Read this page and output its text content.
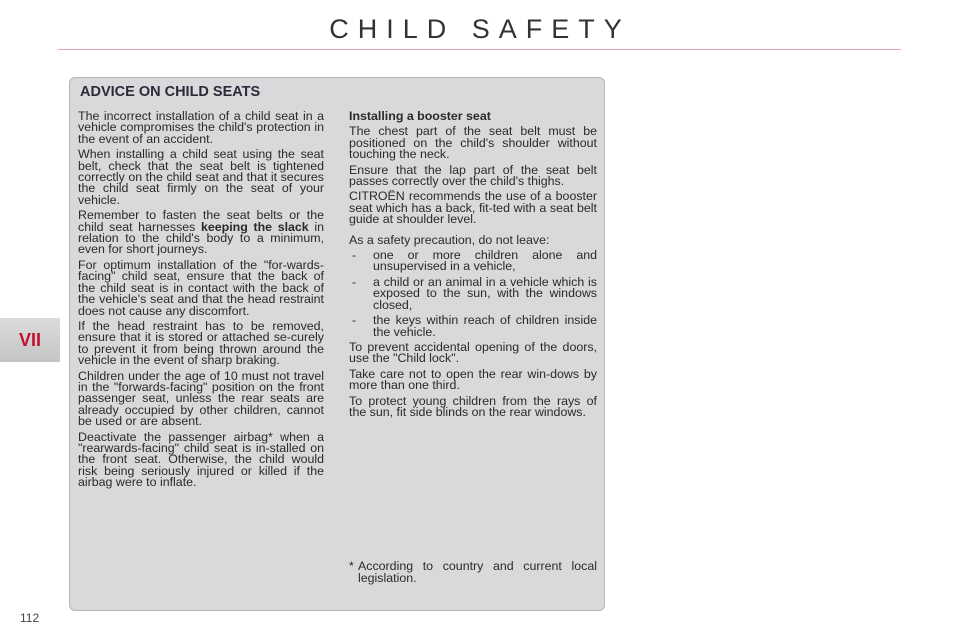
CHILD SAFETY
VII
ADVICE ON CHILD SEATS

The incorrect installation of a child seat in a vehicle compromises the child's protection in the event of an accident.

When installing a child seat using the seat belt, check that the seat belt is tightened correctly on the child seat and that it secures the child seat firmly on the seat of your vehicle.

Remember to fasten the seat belts or the child seat harnesses keeping the slack in relation to the child's body to a minimum, even for short journeys.

For optimum installation of the "for-wards-facing" child seat, ensure that the back of the child seat is in contact with the back of the vehicle's seat and that the head restraint does not cause any discomfort.

If the head restraint has to be removed, ensure that it is stored or attached se-curely to prevent it from being thrown around the vehicle in the event of sharp braking.

Children under the age of 10 must not travel in the "forwards-facing" position on the front passenger seat, unless the rear seats are already occupied by other children, cannot be used or are absent.

Deactivate the passenger airbag* when a "rearwards-facing" child seat is in-stalled on the front seat. Otherwise, the child would risk being seriously injured or killed if the airbag were to inflate.

Installing a booster seat

The chest part of the seat belt must be positioned on the child's shoulder without touching the neck.

Ensure that the lap part of the seat belt passes correctly over the child's thighs.

CITROËN recommends the use of a booster seat which has a back, fit-ted with a seat belt guide at shoulder level.

As a safety precaution, do not leave:

- one or more children alone and unsupervised in a vehicle,
- a child or an animal in a vehicle which is exposed to the sun, with the windows closed,
- the keys within reach of children inside the vehicle.

To prevent accidental opening of the doors, use the "Child lock".

Take care not to open the rear win-dows by more than one third.

To protect young children from the rays of the sun, fit side blinds on the rear windows.

* According to country and current local legislation.
112
